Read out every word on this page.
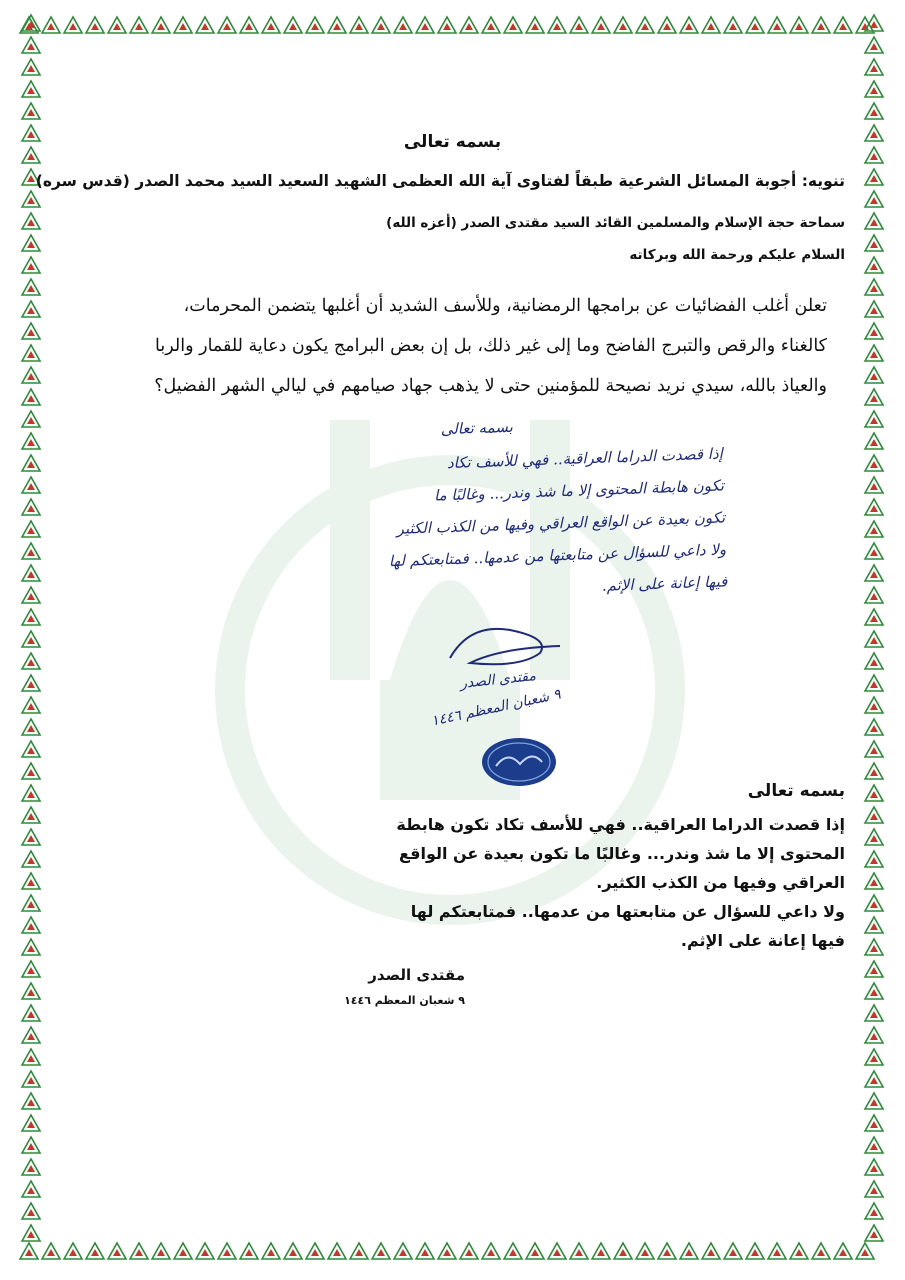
بسمه تعالى
تنويه: أجوبة المسائل الشرعية طبقاً لفتاوى آية الله العظمى الشهيد السعيد السيد محمد الصدر (قدس سره)
سماحة حجة الإسلام والمسلمين القائد السيد مقتدى الصدر (أعزه الله)
السلام عليكم ورحمة الله وبركاته

تعلن أغلب الفضائيات عن برامجها الرمضانية، وللأسف الشديد أن أغلبها يتضمن المحرمات،

كالغناء والرقص والتبرج الفاضح وما إلى غير ذلك، بل إن بعض البرامج يكون دعاية للقمار والربا

والعياذ بالله، سيدي نريد نصيحة للمؤمنين حتى لا يذهب جهاد صيامهم في ليالي الشهر الفضيل؟

بسمه تعالى

إذا قصدت الدراما العراقية.. فهي للأسف تكاد

تكون هابطة المحتوى إلا ما شذ وندر... وغالبًا ما

تكون بعيدة عن الواقع العراقي وفيها من الكذب الكثير

ولا داعي للسؤال عن متابعتها من عدمها.. فمتابعتكم لها

فيها إعانة على الإثم.

مقتدى الصدر
٩ شعبان المعظم ١٤٤٦

بسمه تعالى

إذا قصدت الدراما العراقية.. فهي للأسف تكاد تكون هابطة

المحتوى إلا ما شذ وندر... وغالبًا ما تكون بعيدة عن الواقع

العراقي وفيها من الكذب الكثير.

ولا داعي للسؤال عن متابعتها من عدمها.. فمتابعتكم لها

فيها إعانة على الإثم.

مقتدى الصدر

٩ شعبان المعظم ١٤٤٦
